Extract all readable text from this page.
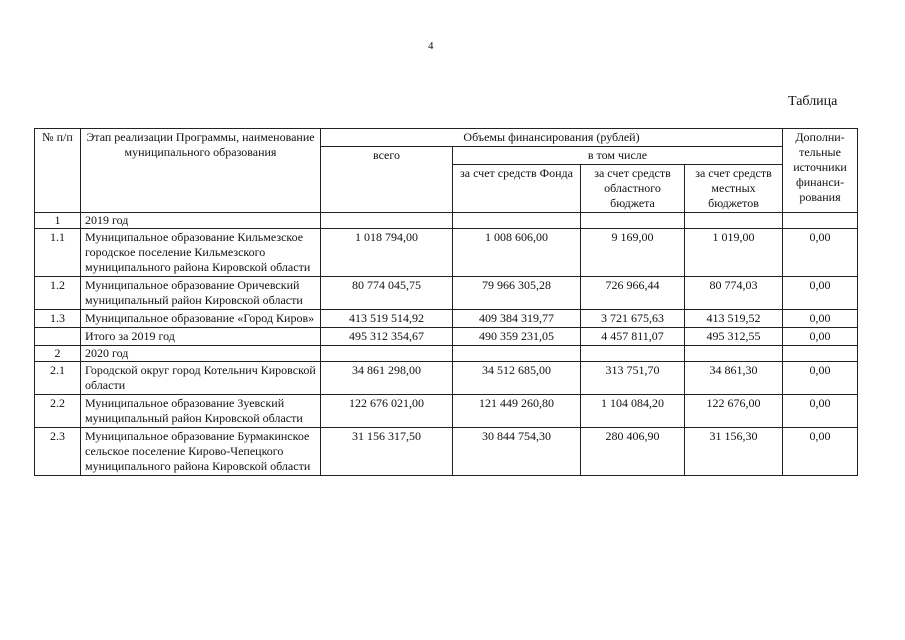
4
Таблица
№ п/п	Этап реализации Программы, наименование муниципального образования	Объемы финансирования (рублей)				Дополни-тельные источники финанси-рования
		всего	в том числе			
			за счет средств Фонда	за счет средств областного бюджета	за счет средств местных бюджетов	
1	2019 год					
1.1	Муниципальное образование Кильмезское городское поселение Кильмезского муниципального района Кировской области	1 018 794,00	1 008 606,00	9 169,00	1 019,00	0,00
1.2	Муниципальное образование Оричевский муниципальный район Кировской области	80 774 045,75	79 966 305,28	726 966,44	80 774,03	0,00
1.3	Муниципальное образование «Город Киров»	413 519 514,92	409 384 319,77	3 721 675,63	413 519,52	0,00
	Итого за 2019 год	495 312 354,67	490 359 231,05	4 457 811,07	495 312,55	0,00
2	2020 год					
2.1	Городской округ город Котельнич Кировской области	34 861 298,00	34 512 685,00	313 751,70	34 861,30	0,00
2.2	Муниципальное образование Зуевский муниципальный район Кировской области	122 676 021,00	121 449 260,80	1 104 084,20	122 676,00	0,00
2.3	Муниципальное образование Бурмакинское сельское поселение Кирово-Чепецкого муниципального района Кировской области	31 156 317,50	30 844 754,30	280 406,90	31 156,30	0,00
